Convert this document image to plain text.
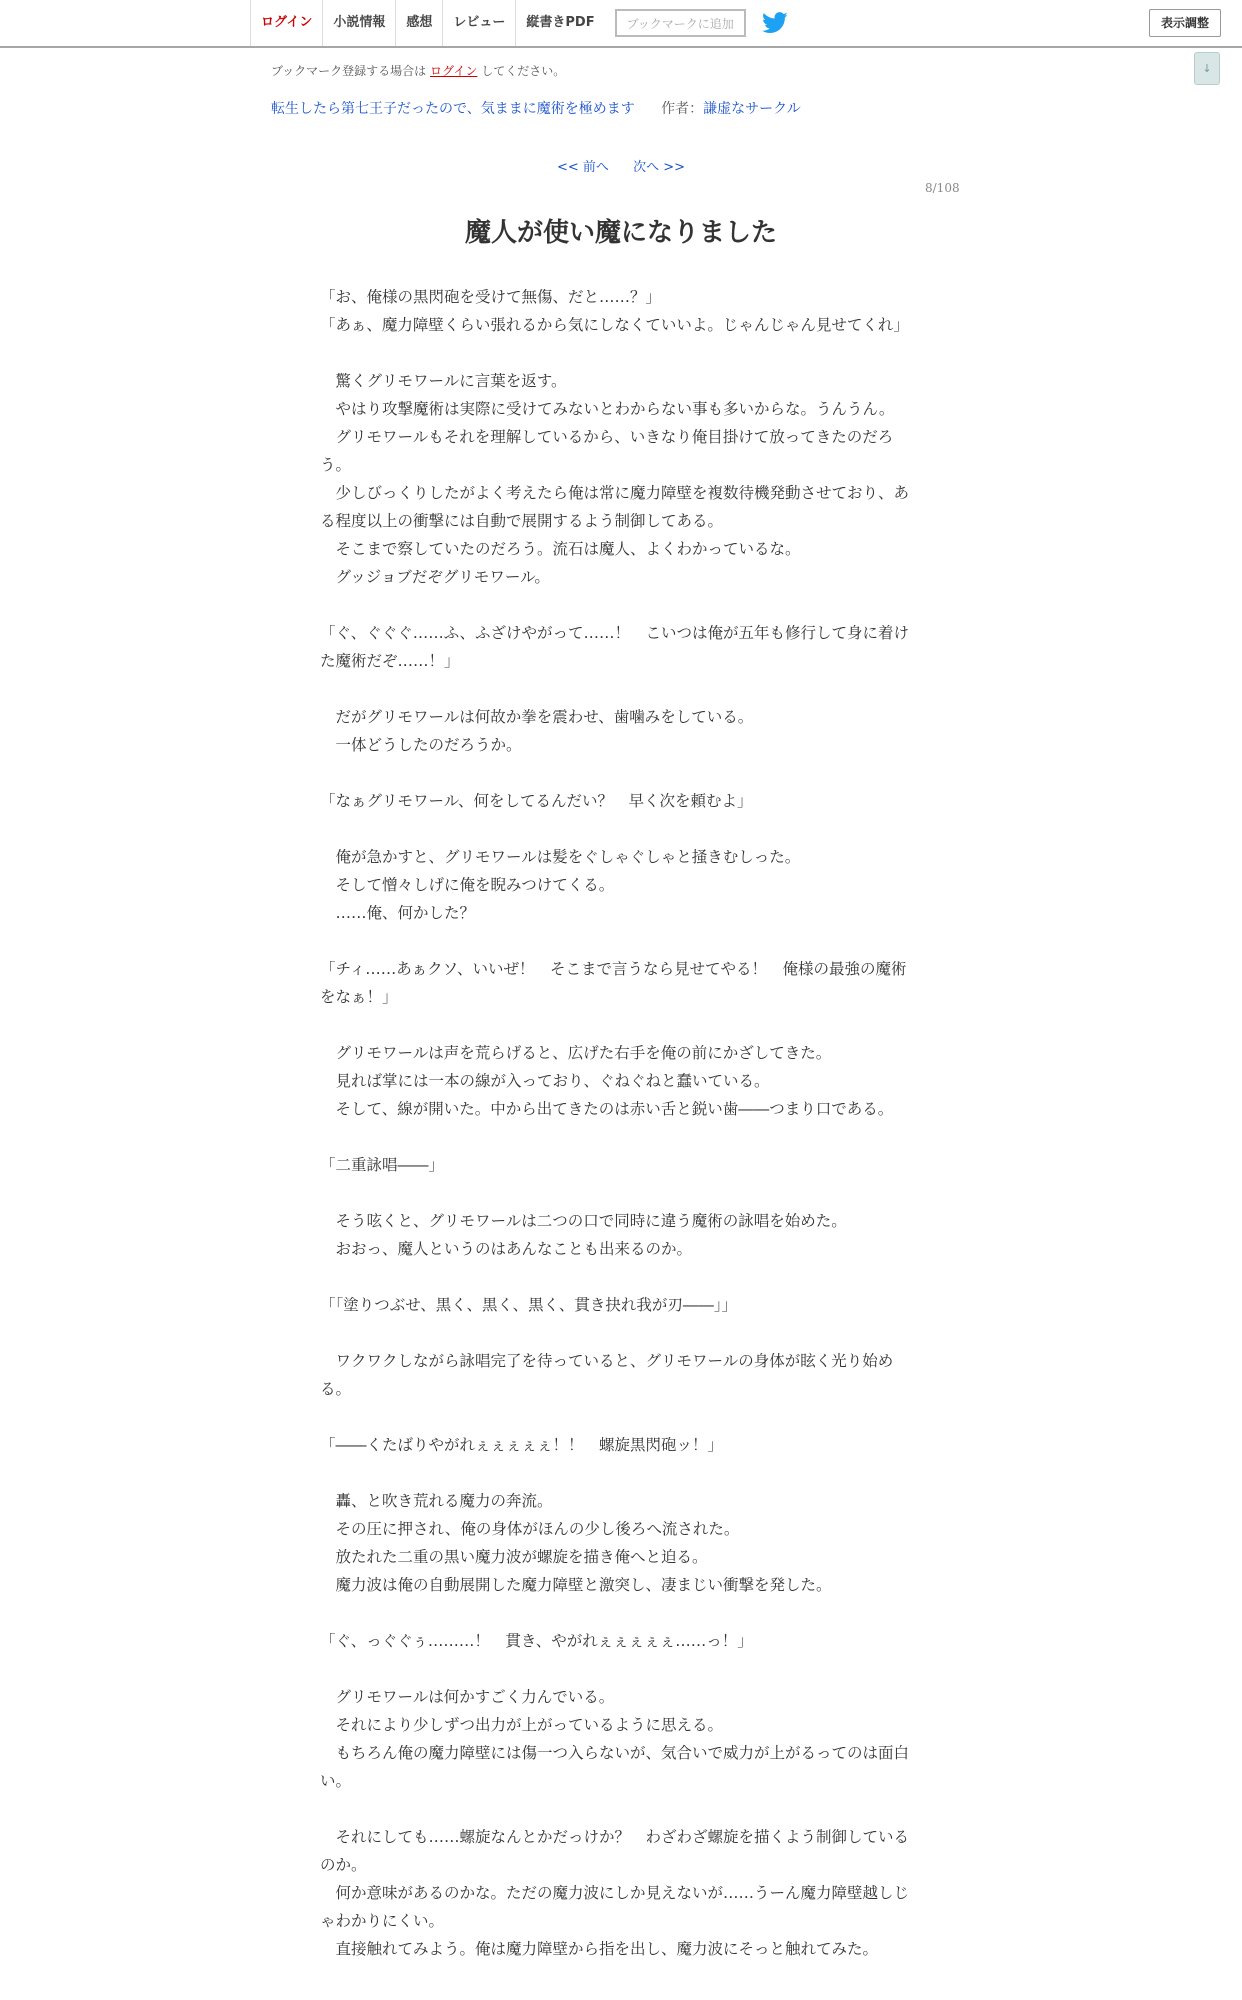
ログイン	小説情報	感想	レビュー	縦書きPDF	ブックマークに追加	表示調整
↓
ブックマーク登録する場合は ログイン してください。
転生したら第七王子だったので、気ままに魔術を極めます 作者：謙虚なサークル
<< 前へ 次へ >>
8/108
魔人が使い魔になりました

「お、俺様の黒閃砲を受けて無傷、だと……？」

「あぁ、魔力障壁くらい張れるから気にしなくていいよ。じゃんじゃん見せてくれ」

　驚くグリモワールに言葉を返す。

　やはり攻撃魔術は実際に受けてみないとわからない事も多いからな。うんうん。

　グリモワールもそれを理解しているから、いきなり俺目掛けて放ってきたのだろう。

　少しびっくりしたがよく考えたら俺は常に魔力障壁を複数待機発動させており、ある程度以上の衝撃には自動で展開するよう制御してある。

　そこまで察していたのだろう。流石は魔人、よくわかっているな。

　グッジョブだぞグリモワール。

「ぐ、ぐぐぐ……ふ、ふざけやがって……！　こいつは俺が五年も修行して身に着けた魔術だぞ……！」

　だがグリモワールは何故か拳を震わせ、歯噛みをしている。

　一体どうしたのだろうか。

「なぁグリモワール、何をしてるんだい？　早く次を頼むよ」

　俺が急かすと、グリモワールは髪をぐしゃぐしゃと掻きむしった。

　そして憎々しげに俺を睨みつけてくる。

　……俺、何かした？

「チィ……あぁクソ、いいぜ！　そこまで言うなら見せてやる！　俺様の最強の魔術をなぁ！」

　グリモワールは声を荒らげると、広げた右手を俺の前にかざしてきた。

　見れば掌には一本の線が入っており、ぐねぐねと蠢いている。

　そして、線が開いた。中から出てきたのは赤い舌と鋭い歯――つまり口である。

「二重詠唱――」

　そう呟くと、グリモワールは二つの口で同時に違う魔術の詠唱を始めた。

　おおっ、魔人というのはあんなことも出来るのか。

「「塗りつぶせ、黒く、黒く、黒く、貫き抉れ我が刃――」」

　ワクワクしながら詠唱完了を待っていると、グリモワールの身体が眩く光り始める。

「――くたばりやがれぇぇぇぇぇ！！　螺旋黒閃砲ッ！」

　轟、と吹き荒れる魔力の奔流。

　その圧に押され、俺の身体がほんの少し後ろへ流された。

　放たれた二重の黒い魔力波が螺旋を描き俺へと迫る。

　魔力波は俺の自動展開した魔力障壁と激突し、凄まじい衝撃を発した。

「ぐ、っぐぐぅ………！　貫き、やがれぇぇぇぇぇ……っ！」

　グリモワールは何かすごく力んでいる。

　それにより少しずつ出力が上がっているように思える。

　もちろん俺の魔力障壁には傷一つ入らないが、気合いで威力が上がるってのは面白い。

　それにしても……螺旋なんとかだっけか？　わざわざ螺旋を描くよう制御しているのか。

　何か意味があるのかな。ただの魔力波にしか見えないが……うーん魔力障壁越しじゃわかりにくい。

　直接触れてみよう。俺は魔力障壁から指を出し、魔力波にそっと触れてみた。
